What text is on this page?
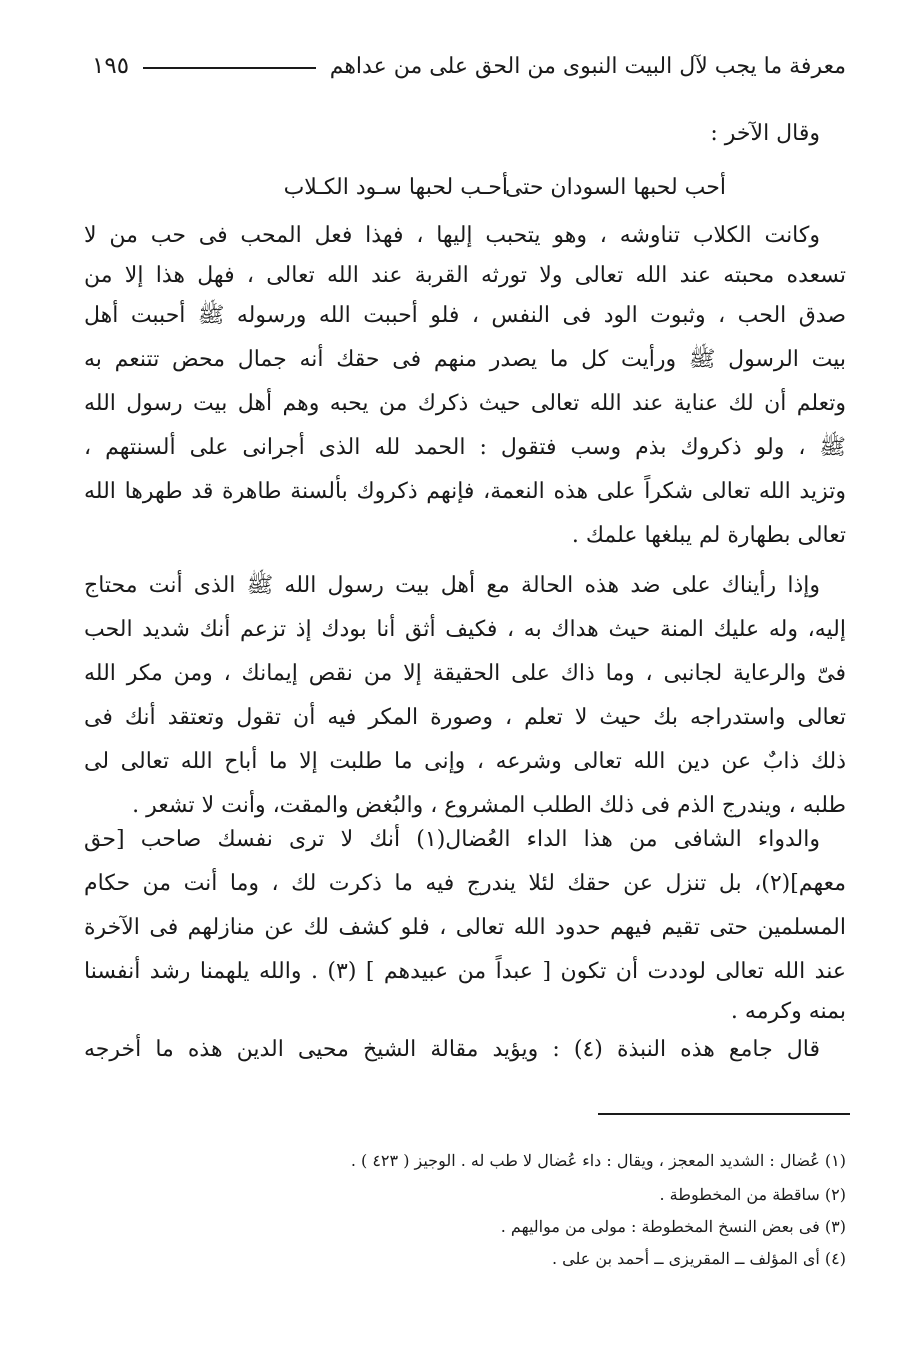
معرفة ما يجب لآل البيت النبوى من الحق على من عداهم
١٩٥
وقال الآخر :
أحب لحبها السودان حتى
أحـب لحبها سـود الكـلاب
وكانت الكلاب تناوشه ، وهو يتحبب إليها ، فهذا فعل المحب فى حب من لا
تسعده محبته عند الله تعالى ولا تورثه القربة عند الله تعالى ، فهل هذا إلا من
صدق الحب ، وثبوت الود فى النفس ، فلو أحببت الله ورسوله ﷺ أحببت أهل
بيت الرسول ﷺ ورأيت كل ما يصدر منهم فى حقك أنه جمال محض تتنعم به
وتعلم أن لك عناية عند الله تعالى حيث ذكرك من يحبه وهم أهل بيت رسول الله
ﷺ ، ولو ذكروك بذم وسب فتقول : الحمد لله الذى أجرانى على ألسنتهم ،
وتزيد الله تعالى شكراً على هذه النعمة، فإنهم ذكروك بألسنة طاهرة قد طهرها الله
تعالى بطهارة لم يبلغها علمك .
وإذا رأيناك على ضد هذه الحالة مع أهل بيت رسول الله ﷺ الذى أنت محتاج
إليه، وله عليك المنة حيث هداك به ، فكيف أثق أنا بودك إذ تزعم أنك شديد الحب
فىّ والرعاية لجانبى ، وما ذاك على الحقيقة إلا من نقص إيمانك ، ومن مكر الله
تعالى واستدراجه بك حيث لا تعلم ، وصورة المكر فيه أن تقول وتعتقد أنك فى
ذلك ذابٌ عن دين الله تعالى وشرعه ، وإنى ما طلبت إلا ما أباح الله تعالى لى
طلبه ، ويندرج الذم فى ذلك الطلب المشروع ، والبُغض والمقت، وأنت لا تشعر .
والدواء الشافى من هذا الداء العُضال(١) أنك لا ترى نفسك صاحب [حق
معهم](٢)، بل تنزل عن حقك لئلا يندرج فيه ما ذكرت لك ، وما أنت من حكام
المسلمين حتى تقيم فيهم حدود الله تعالى ، فلو كشف لك عن منازلهم فى الآخرة
عند الله تعالى لوددت أن تكون [ عبداً من عبيدهم ] (٣) . والله يلهمنا رشد أنفسنا
بمنه وكرمه .
قال جامع هذه النبذة (٤) : ويؤيد مقالة الشيخ محيى الدين هذه ما أخرجه
(١) عُضال : الشديد المعجز ، ويقال : داء عُضال لا طب له . الوجيز ( ٤٢٣ ) .
(٢) ساقطة من المخطوطة .
(٣) فى بعض النسخ المخطوطة : مولى من مواليهم .
(٤) أى المؤلف ــ المقريزى ــ أحمد بن على .
